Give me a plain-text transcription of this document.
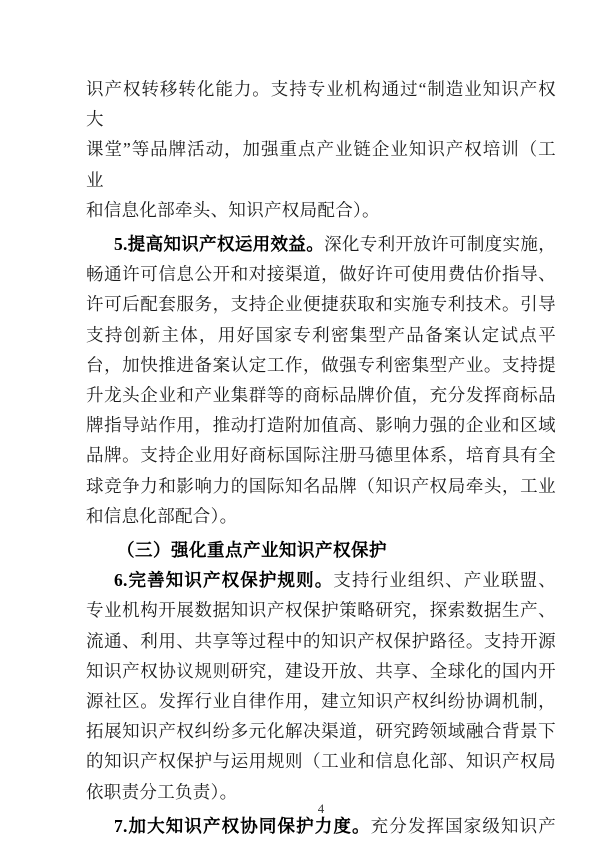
识产权转移转化能力。支持专业机构通过“制造业知识产权大
课堂”等品牌活动，加强重点产业链企业知识产权培训（工业
和信息化部牵头、知识产权局配合）。
5.提高知识产权运用效益。深化专利开放许可制度实施，
畅通许可信息公开和对接渠道，做好许可使用费估价指导、
许可后配套服务，支持企业便捷获取和实施专利技术。引导
支持创新主体，用好国家专利密集型产品备案认定试点平
台，加快推进备案认定工作，做强专利密集型产业。支持提
升龙头企业和产业集群等的商标品牌价值，充分发挥商标品
牌指导站作用，推动打造附加值高、影响力强的企业和区域
品牌。支持企业用好商标国际注册马德里体系，培育具有全
球竞争力和影响力的国际知名品牌（知识产权局牵头，工业
和信息化部配合）。
（三）强化重点产业知识产权保护
6.完善知识产权保护规则。支持行业组织、产业联盟、
专业机构开展数据知识产权保护策略研究，探索数据生产、
流通、利用、共享等过程中的知识产权保护路径。支持开源
知识产权协议规则研究，建设开放、共享、全球化的国内开
源社区。发挥行业自律作用，建立知识产权纠纷协调机制，
拓展知识产权纠纷多元化解决渠道，研究跨领域融合背景下
的知识产权保护与运用规则（工业和信息化部、知识产权局
依职责分工负责）。
7.加大知识产权协同保护力度。充分发挥国家级知识产
4
